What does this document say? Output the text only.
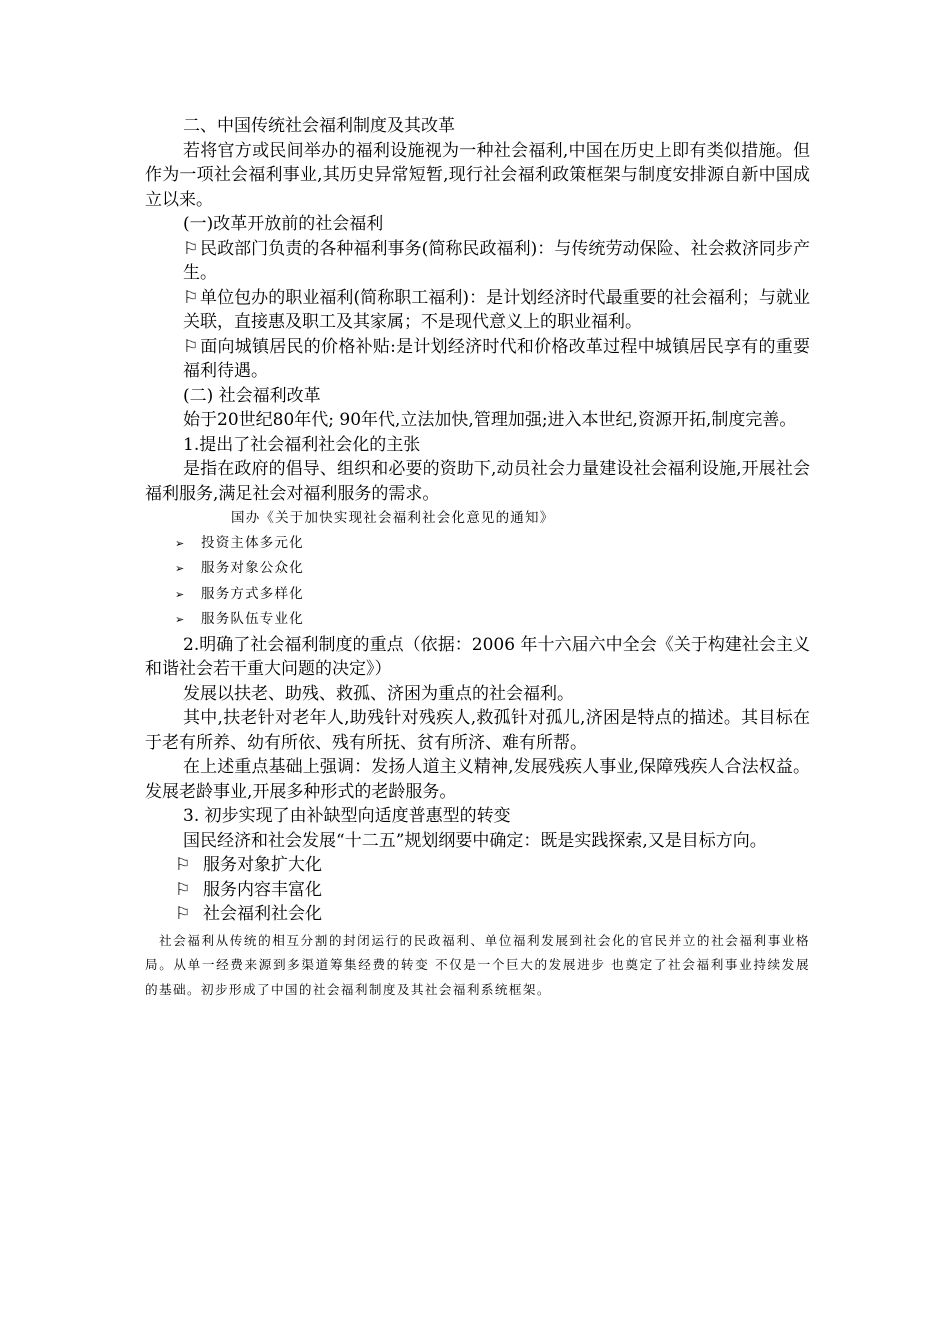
二、中国传统社会福利制度及其改革

若将官方或民间举办的福利设施视为一种社会福利,中国在历史上即有类似措施。但作为一项社会福利事业,其历史异常短暂,现行社会福利政策框架与制度安排源自新中国成立以来。

(一)改革开放前的社会福利

⚐ 民政部门负责的各种福利事务(简称民政福利)：与传统劳动保险、社会救济同步产生。

⚐ 单位包办的职业福利(简称职工福利)：是计划经济时代最重要的社会福利；与就业关联，直接惠及职工及其家属；不是现代意义上的职业福利。

⚐ 面向城镇居民的价格补贴:是计划经济时代和价格改革过程中城镇居民享有的重要福利待遇。

(二) 社会福利改革

始于20世纪80年代; 90年代,立法加快,管理加强;进入本世纪,资源开拓,制度完善。

1.提出了社会福利社会化的主张

是指在政府的倡导、组织和必要的资助下,动员社会力量建设社会福利设施,开展社会福利服务,满足社会对福利服务的需求。

国办《关于加快实现社会福利社会化意见的通知》

➢ 投资主体多元化

➢ 服务对象公众化

➢ 服务方式多样化

➢ 服务队伍专业化

2.明确了社会福利制度的重点（依据：2006 年十六届六中全会《关于构建社会主义和谐社会若干重大问题的决定》）

发展以扶老、助残、救孤、济困为重点的社会福利。

其中,扶老针对老年人,助残针对残疾人,救孤针对孤儿,济困是特点的描述。其目标在于老有所养、幼有所依、残有所抚、贫有所济、难有所帮。

在上述重点基础上强调：发扬人道主义精神,发展残疾人事业,保障残疾人合法权益。发展老龄事业,开展多种形式的老龄服务。

3. 初步实现了由补缺型向适度普惠型的转变

国民经济和社会发展“十二五”规划纲要中确定：既是实践探索,又是目标方向。

⚐ 服务对象扩大化

⚐ 服务内容丰富化

⚐ 社会福利社会化

社会福利从传统的相互分割的封闭运行的民政福利、单位福利发展到社会化的官民并立的社会福利事业格局。从单一经费来源到多渠道筹集经费的转变 不仅是一个巨大的发展进步 也奠定了社会福利事业持续发展的基础。初步形成了中国的社会福利制度及其社会福利系统框架。
